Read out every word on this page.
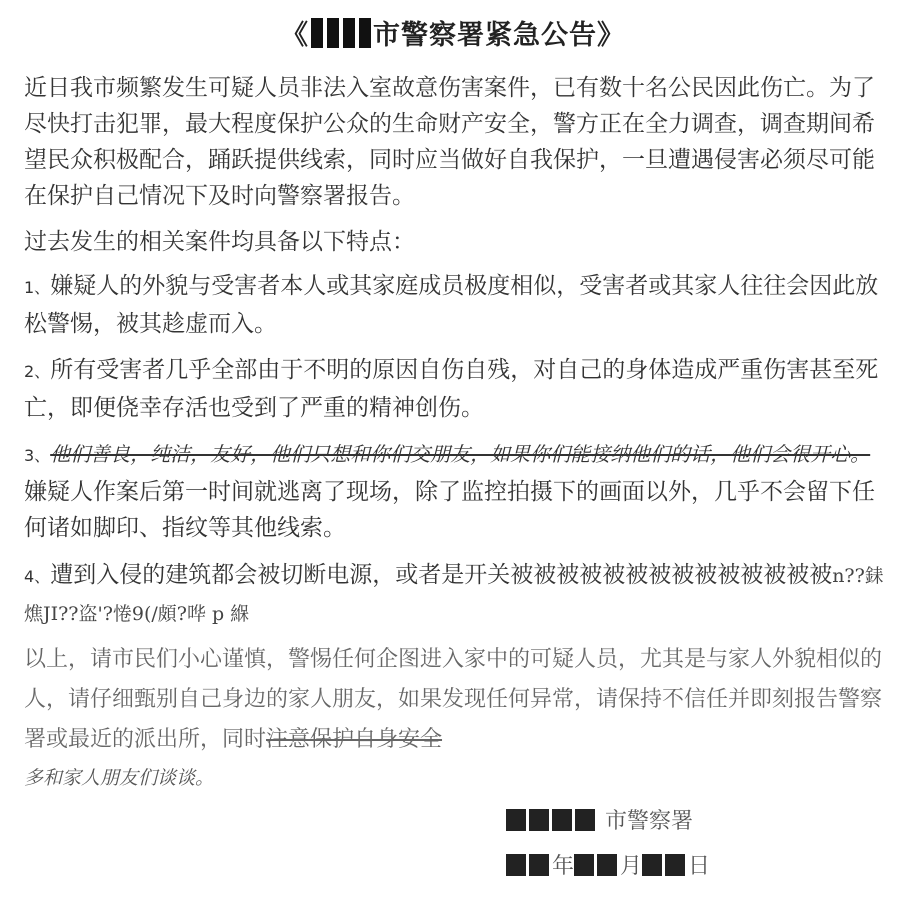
《 市警察署紧急公告》

近日我市频繁发生可疑人员非法入室故意伤害案件，已有数十名公民因此伤亡。为了尽快打击犯罪，最大程度保护公众的生命财产安全，警方正在全力调查，调查期间希望民众积极配合，踊跃提供线索，同时应当做好自我保护，一旦遭遇侵害必须尽可能在保护自己情况下及时向警察署报告。

过去发生的相关案件均具备以下特点：

1、嫌疑人的外貌与受害者本人或其家庭成员极度相似，受害者或其家人往往会因此放松警惕，被其趁虚而入。

2、所有受害者几乎全部由于不明的原因自伤自残，对自己的身体造成严重伤害甚至死亡，即便侥幸存活也受到了严重的精神创伤。

3、他们善良，纯洁，友好，他们只想和你们交朋友，如果你们能接纳他们的话，他们会很开心。嫌疑人作案后第一时间就逃离了现场，除了监控拍摄下的画面以外，几乎不会留下任何诸如脚印、指纹等其他线索。

4、遭到入侵的建筑都会被切断电源，或者是开关被被被被被被被被被被被被被被n??銇燋JI??盗'?惓9(/頗?哗 p 緥

以上，请市民们小心谨慎，警惕任何企图进入家中的可疑人员，尤其是与家人外貌相似的人，请仔细甄别自己身边的家人朋友，如果发现任何异常，请保持不信任并即刻报告警察署或最近的派出所，同时注意保护自身安全

多和家人朋友们谈谈。

市警察署
年 月 日
